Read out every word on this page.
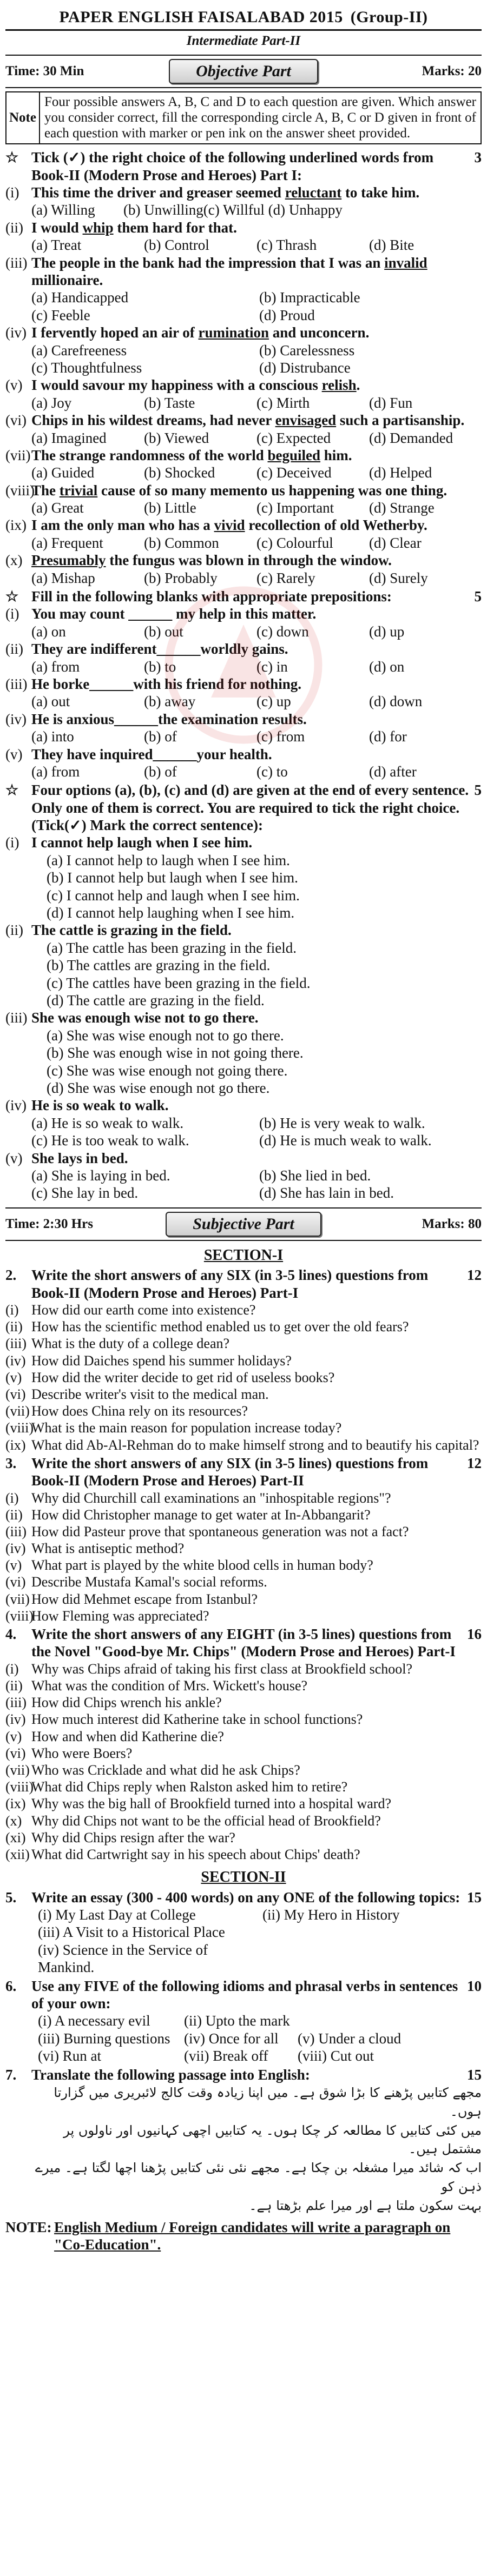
PAPER ENGLISH FAISALABAD 2015 (Group-II)
Intermediate Part-II
Time: 30 Min	Objective Part	Marks: 20
Note
Four possible answers A, B, C and D to each question are given. Which answer you consider correct, fill the corresponding circle A, B, C or D given in front of each question with marker or pen ink on the answer sheet provided.
☆ Tick (✓) the right choice of the following underlined words from Book-II (Modern Prose and Heroes) Part I:
3
(i) This time the driver and greaser seemed reluctant to take him.
(a) Willing	(b) Unwilling(c) Willful (d) Unhappy
(ii) I would whip them hard for that.
(a) Treat	(b) Control	(c) Thrash	(d) Bite
(iii) The people in the bank had the impression that I was an invalid millionaire.
(a) Handicapped	(b) Impracticable
(c) Feeble	(d) Proud
(iv) I fervently hoped an air of rumination and unconcern.
(a) Carefreeness	(b) Carelessness
(c) Thoughtfulness	(d) Distrubance
(v) I would savour my happiness with a conscious relish.
(a) Joy	(b) Taste	(c) Mirth	(d) Fun
(vi) Chips in his wildest dreams, had never envisaged such a partisanship.
(a) Imagined	(b) Viewed	(c) Expected	(d) Demanded
(vii) The strange randomness of the world beguiled him.
(a) Guided	(b) Shocked	(c) Deceived	(d) Helped
(viii)
The trivial cause of so many memento us happening was one thing.
(a) Great	(b) Little	(c) Important	(d) Strange
(ix) I am the only man who has a vivid recollection of old Wetherby.
(a) Frequent	(b) Common	(c) Colourful	(d) Clear
(x) Presumably the fungus was blown in through the window.
(a) Mishap	(b) Probably	(c) Rarely	(d) Surely
☆ Fill in the following blanks with appropriate prepositions:	5
(i) You may count ______ my help in this matter.
(a) on	(b) out	(c) down	(d) up
(ii) They are indifferent______worldly gains.
(a) from	(b) to	(c) in	(d) on
(iii) He borke______with his friend for nothing.
(a) out	(b) away	(c) up	(d) down
(iv) He is anxious______the examination results.
(a) into	(b) of	(c) from	(d) for
(v) They have inquired______your health.
(a) from	(b) of	(c) to	(d) after
☆ Four options (a), (b), (c) and (d) are given at the end of every sentence. Only one of them is correct. You are required to tick the right choice. (Tick(✓) Mark the correct sentence):
5
(i) I cannot help laugh when I see him.
(a) I cannot help to laugh when I see him.
(b) I cannot help but laugh when I see him.
(c) I cannot help and laugh when I see him.
(d) I cannot help laughing when I see him.
(ii) The cattle is grazing in the field.
(a) The cattle has been grazing in the field.
(b) The cattles are grazing in the field.
(c) The cattles have been grazing in the field.
(d) The cattle are grazing in the field.
(iii) She was enough wise not to go there.
(a) She was wise enough not to go there.
(b) She was enough wise in not going there.
(c) She was wise enough not going there.
(d) She was wise enough not go there.
(iv) He is so weak to walk.
(a) He is so weak to walk.	(b) He is very weak to walk.
(c) He is too weak to walk.	(d) He is much weak to walk.
(v) She lays in bed.
(a) She is laying in bed.	(b) She lied in bed.
(c) She lay in bed.	(d) She has lain in bed.
Time: 2:30 Hrs	Subjective Part	Marks: 80
SECTION-I
2.	Write the short answers of any SIX (in 3-5 lines) questions from Book-II (Modern Prose and Heroes) Part-I
12
(i) How did our earth come into existence?
(ii) How has the scientific method enabled us to get over the old fears?
(iii) What is the duty of a college dean?
(iv) How did Daiches spend his summer holidays?
(v) How did the writer decide to get rid of useless books?
(vi) Describe writer's visit to the medical man.
(vii) How does China rely on its resources?
(viii)
What is the main reason for population increase today?
(ix) What did Ab-Al-Rehman do to make himself strong and to beautify his capital?
3.	Write the short answers of any SIX (in 3-5 lines) questions from Book-II (Modern Prose and Heroes) Part-II
12
(i) Why did Churchill call examinations an "inhospitable regions"?
(ii) How did Christopher manage to get water at In-Abbangarit?
(iii) How did Pasteur prove that spontaneous generation was not a fact?
(iv) What is antiseptic method?
(v) What part is played by the white blood cells in human body?
(vi) Describe Mustafa Kamal's social reforms.
(vii) How did Mehmet escape from Istanbul?
(viii)
How Fleming was appreciated?
4.	Write the short answers of any EIGHT (in 3-5 lines) questions from the Novel "Good-bye Mr. Chips" (Modern Prose and Heroes) Part-I
16
(i) Why was Chips afraid of taking his first class at Brookfield school?
(ii) What was the condition of Mrs. Wickett's house?
(iii) How did Chips wrench his ankle?
(iv) How much interest did Katherine take in school functions?
(v) How and when did Katherine die?
(vi) Who were Boers?
(vii) Who was Cricklade and what did he ask Chips?
(viii)
What did Chips reply when Ralston asked him to retire?
(ix) Why was the big hall of Brookfield turned into a hospital ward?
(x) Why did Chips not want to be the official head of Brookfield?
(xi) Why did Chips resign after the war?
(xii) What did Cartwright say in his speech about Chips' death?
SECTION-II
5.	Write an essay (300 - 400 words) on any ONE of the following topics: 15
(i) My Last Day at College	(ii) My Hero in History
(iii) A Visit to a Historical Place
(iv) Science in the Service of Mankind.
6.	Use any FIVE of the following idioms and phrasal verbs in sentences of your own:
10
(i) A necessary evil	(ii) Upto the mark
(iii) Burning questions (iv) Once for all	(v) Under a cloud
(vi) Run at	(vii) Break off	(viii) Cut out
7.	Translate the following passage into English:	15
مجھے کتابیں پڑھنے کا بڑا شوق ہے۔ میں اپنا زیادہ وقت کالج لائبریری میں گزارتا ہوں۔
میں کئی کتابیں کا مطالعہ کر چکا ہوں۔ یہ کتابیں اچھی کہانیوں اور ناولوں پر مشتمل ہیں۔
اب کہ شائد میرا مشغلہ بن چکا ہے۔ مجھے نئی نئی کتابیں پڑھنا اچھا لگتا ہے۔ میرے ذہن کو
بہت سکون ملتا ہے اور میرا علم بڑھتا ہے۔
NOTE: English Medium / Foreign candidates will write a paragraph on "Co-Education".
